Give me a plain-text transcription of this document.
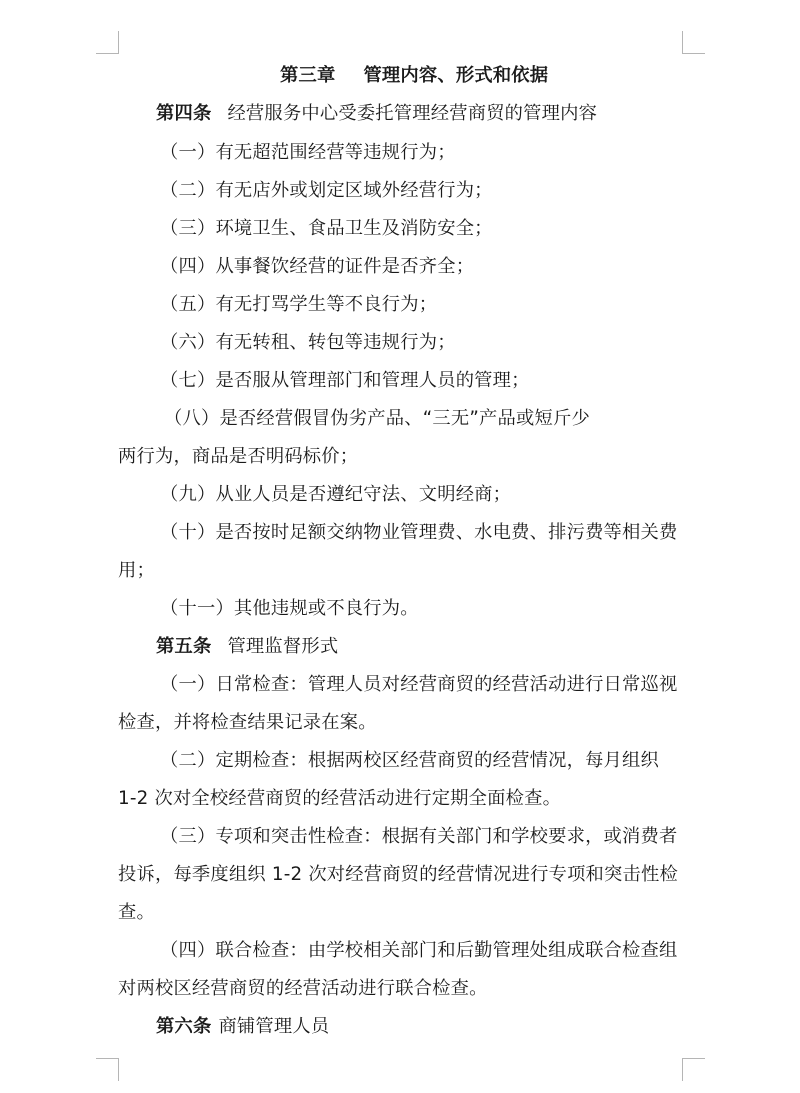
第三章 管理内容、形式和依据
第四条 经营服务中心受委托管理经营商贸的管理内容
（一）有无超范围经营等违规行为；
（二）有无店外或划定区域外经营行为；
（三）环境卫生、食品卫生及消防安全；
（四）从事餐饮经营的证件是否齐全；
（五）有无打骂学生等不良行为；
（六）有无转租、转包等违规行为；
（七）是否服从管理部门和管理人员的管理；
（八）是否经营假冒伪劣产品、“三无”产品或短斤少
两行为，商品是否明码标价；
（九）从业人员是否遵纪守法、文明经商；
（十）是否按时足额交纳物业管理费、水电费、排污费等相关费
用；
（十一）其他违规或不良行为。
第五条 管理监督形式
（一）日常检查：管理人员对经营商贸的经营活动进行日常巡视
检查，并将检查结果记录在案。
（二）定期检查：根据两校区经营商贸的经营情况，每月组织
1-2 次对全校经营商贸的经营活动进行定期全面检查。
（三）专项和突击性检查：根据有关部门和学校要求，或消费者
投诉，每季度组织 1-2 次对经营商贸的经营情况进行专项和突击性检
查。
（四）联合检查：由学校相关部门和后勤管理处组成联合检查组
对两校区经营商贸的经营活动进行联合检查。
第六条 商铺管理人员
